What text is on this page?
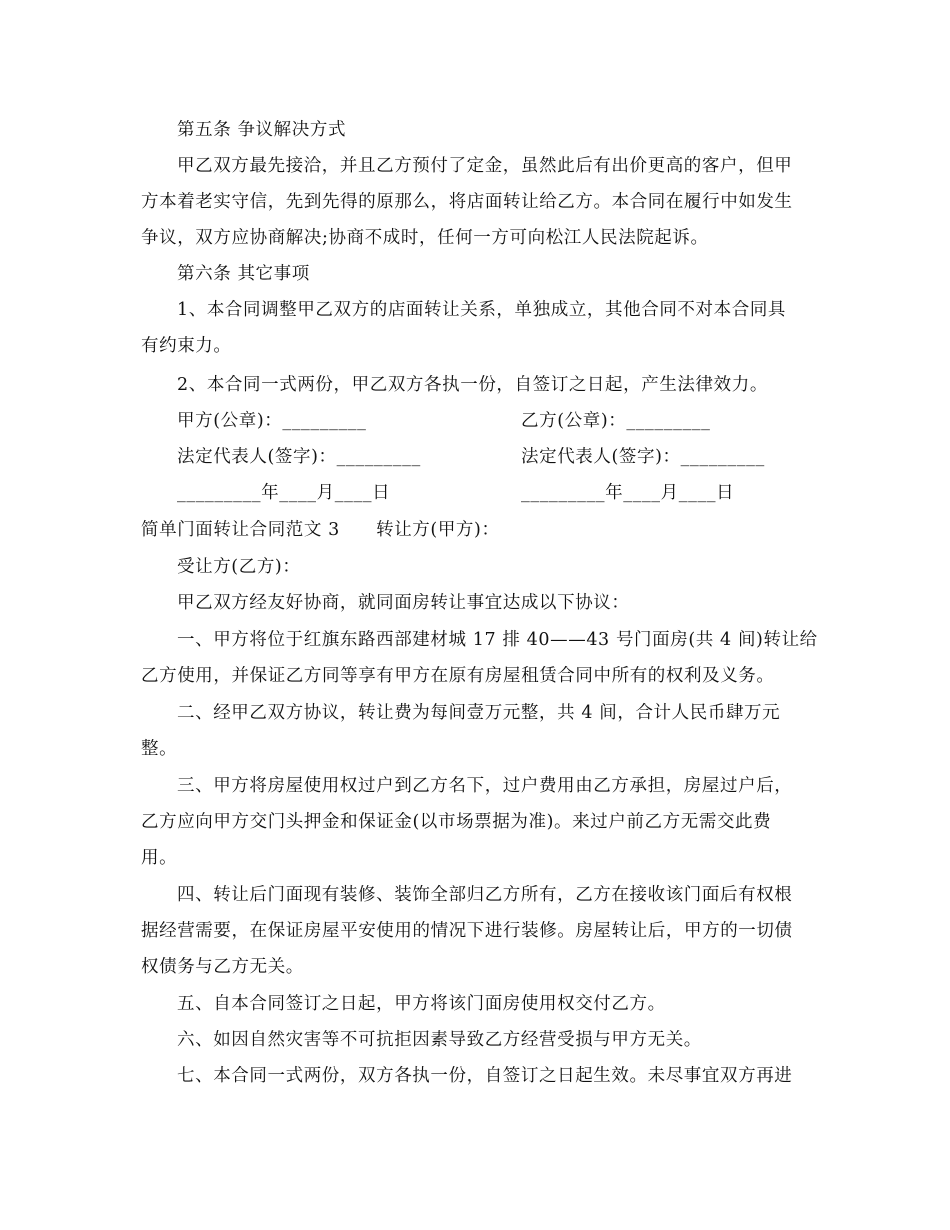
第五条 争议解决方式
甲乙双方最先接洽，并且乙方预付了定金，虽然此后有出价更高的客户，但甲
方本着老实守信，先到先得的原那么，将店面转让给乙方。本合同在履行中如发生
争议，双方应协商解决;协商不成时，任何一方可向松江人民法院起诉。
第六条 其它事项
1、本合同调整甲乙双方的店面转让关系，单独成立，其他合同不对本合同具
有约束力。
2、本合同一式两份，甲乙双方各执一份，自签订之日起，产生法律效力。
甲方(公章)：_________	乙方(公章)：_________
法定代表人(签字)：_________	法定代表人(签字)：_________
_________年____月____日	_________年____月____日
简单门面转让合同范文 3　　转让方(甲方)：
受让方(乙方)：
甲乙双方经友好协商，就同面房转让事宜达成以下协议：
一、甲方将位于红旗东路西部建材城 17 排 40——43 号门面房(共 4 间)转让给
乙方使用，并保证乙方同等享有甲方在原有房屋租赁合同中所有的权利及义务。
二、经甲乙双方协议，转让费为每间壹万元整，共 4 间，合计人民币肆万元
整。
三、甲方将房屋使用权过户到乙方名下，过户费用由乙方承担，房屋过户后，
乙方应向甲方交门头押金和保证金(以市场票据为准)。来过户前乙方无需交此费
用。
四、转让后门面现有装修、装饰全部归乙方所有，乙方在接收该门面后有权根
据经营需要，在保证房屋平安使用的情况下进行装修。房屋转让后，甲方的一切债
权债务与乙方无关。
五、自本合同签订之日起，甲方将该门面房使用权交付乙方。
六、如因自然灾害等不可抗拒因素导致乙方经营受损与甲方无关。
七、本合同一式两份，双方各执一份，自签订之日起生效。未尽事宜双方再进
